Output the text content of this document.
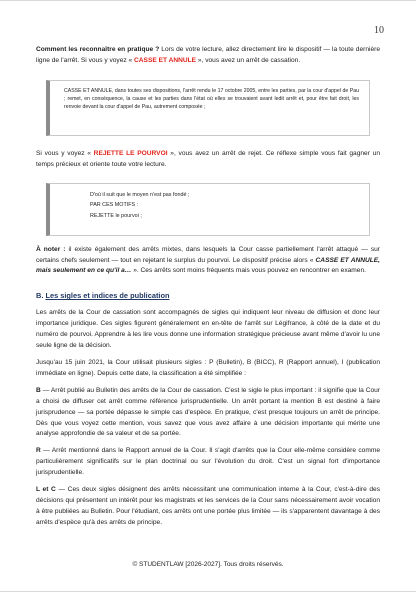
10

Comment les reconnaître en pratique ? Lors de votre lecture, allez directement lire le dispositif — la toute dernière ligne de l'arrêt. Si vous y voyez « CASSE ET ANNULE », vous avez un arrêt de cassation.

CASSE ET ANNULE, dans toutes ses dispositions, l'arrêt rendu le 17 octobre 2005, entre les parties, par la cour d'appel de Pau ; remet, en conséquence, la cause et les parties dans l'état où elles se trouvaient avant ledit arrêt et, pour être fait droit, les renvoie devant la cour d'appel de Pau, autrement composée ;

Si vous y voyez « REJETTE LE POURVOI », vous avez un arrêt de rejet. Ce réflexe simple vous fait gagner un temps précieux et oriente toute votre lecture.

D'où il suit que le moyen n'est pas fondé ;
PAR CES MOTIFS :
REJETTE le pourvoi ;

À noter : il existe également des arrêts mixtes, dans lesquels la Cour casse partiellement l'arrêt attaqué — sur certains chefs seulement — tout en rejetant le surplus du pourvoi. Le dispositif précise alors « CASSE ET ANNULE, mais seulement en ce qu'il a… ». Ces arrêts sont moins fréquents mais vous pouvez en rencontrer en examen.

B. Les sigles et indices de publication

Les arrêts de la Cour de cassation sont accompagnés de sigles qui indiquent leur niveau de diffusion et donc leur importance juridique. Ces sigles figurent généralement en en-tête de l'arrêt sur Légifrance, à côté de la date et du numéro de pourvoi. Apprendre à les lire vous donne une information stratégique précieuse avant même d'avoir lu une seule ligne de la décision.

Jusqu'au 15 juin 2021, la Cour utilisait plusieurs sigles : P (Bulletin), B (BICC), R (Rapport annuel), I (publication immédiate en ligne). Depuis cette date, la classification a été simplifiée :

B — Arrêt publié au Bulletin des arrêts de la Cour de cassation. C'est le sigle le plus important : il signifie que la Cour a choisi de diffuser cet arrêt comme référence jurisprudentielle. Un arrêt portant la mention B est destiné à faire jurisprudence — sa portée dépasse le simple cas d'espèce. En pratique, c'est presque toujours un arrêt de principe. Dès que vous voyez cette mention, vous savez que vous avez affaire à une décision importante qui mérite une analyse approfondie de sa valeur et de sa portée.

R — Arrêt mentionné dans le Rapport annuel de la Cour. Il s'agit d'arrêts que la Cour elle-même considère comme particulièrement significatifs sur le plan doctrinal ou sur l'évolution du droit. C'est un signal fort d'importance jurisprudentielle.

L et C — Ces deux sigles désignent des arrêts nécessitant une communication interne à la Cour, c'est-à-dire des décisions qui présentent un intérêt pour les magistrats et les services de la Cour sans nécessairement avoir vocation à être publiées au Bulletin. Pour l'étudiant, ces arrêts ont une portée plus limitée — ils s'apparentent davantage à des arrêts d'espèce qu'à des arrêts de principe.

© STUDENTLAW [2026-2027]. Tous droits réservés.
